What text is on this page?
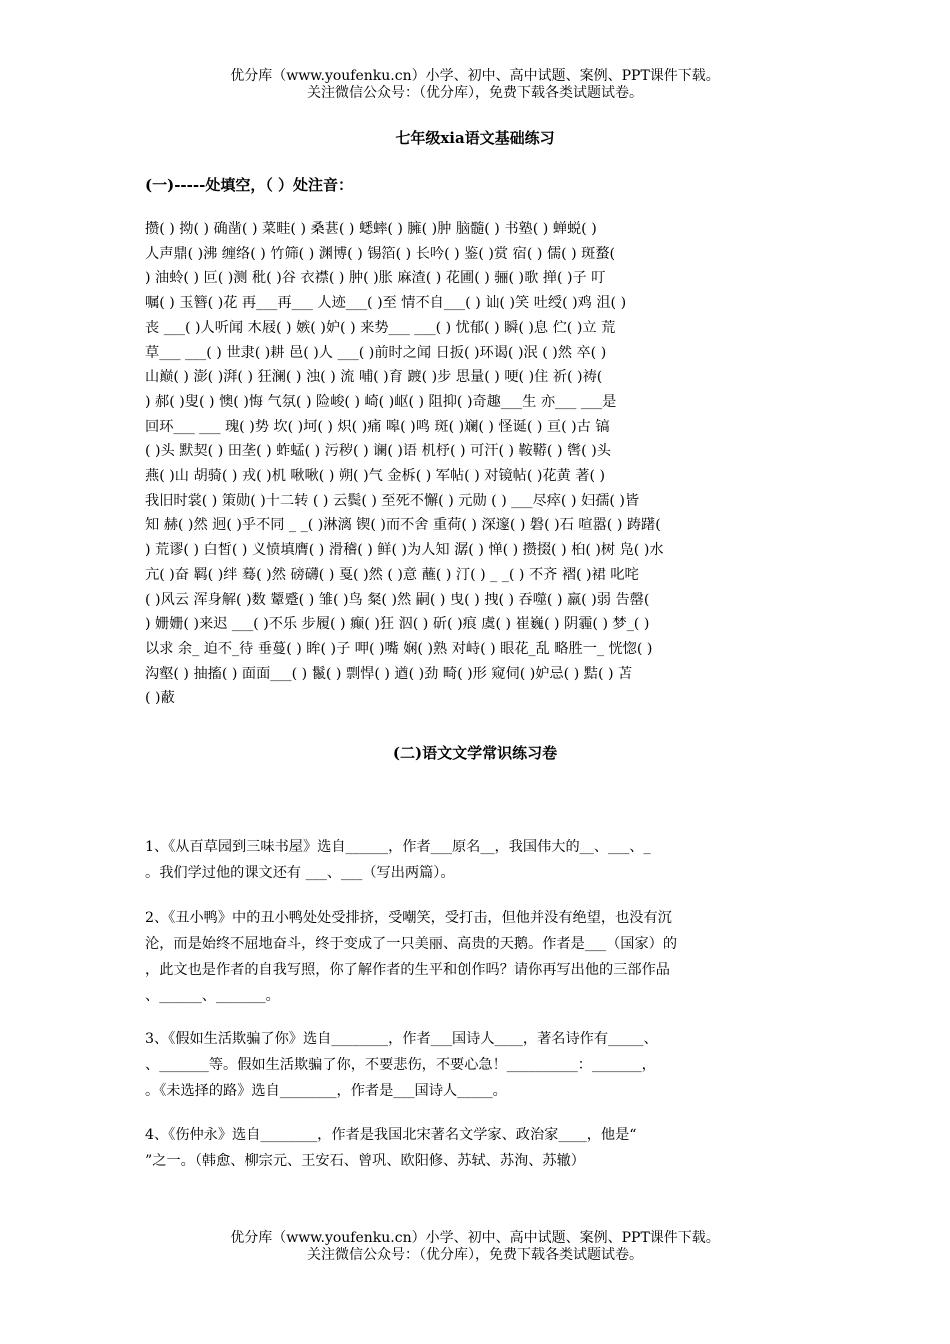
优分库（www.youfenku.cn）小学、初中、高中试题、案例、PPT课件下载。
关注微信公众号：（优分库），免费下载各类试题试卷。
七年级xia语文基础练习
(一)-----处填空，（ ）处注音：
攒( ) 拗( ) 确凿( ) 菜畦( ) 桑葚( ) 蟋蟀( ) 臃( )肿 脑髓( ) 书塾( ) 蝉蜕( )
人声鼎( )沸 缠络( ) 竹筛( ) 渊博( ) 锡箔( ) 长吟( ) 鉴( )赏 宿( ) 儒( ) 斑蝥(
) 油蛉( ) 叵( )测 秕( )谷 衣襟( ) 肿( )胀 麻渣( ) 花圃( ) 骊( )歌 掸( )子 叮
嘱( ) 玉簪( )花 再___再___ 人迹___( )至 情不自___( ) 讪( )笑 吐绶( )鸡 沮( )
丧 ___( )人听闻 木屐( ) 嫉( )妒( ) 来势___ ___( ) 忧郁( ) 瞬( )息 伫( )立 荒
草___ ___( ) 世隶( )耕 邑( )人 ___( )前时之闻 日扳( )环谒( )泯 ( )然 卒( )
山巅( ) 澎( )湃( ) 狂澜( ) 浊( ) 流 哺( )育 踱( )步 思量( ) 哽( )住 祈( )祷(
) 郝( )叟( ) 懊( )悔 气氛( ) 险峻( ) 崎( )岖( ) 阻抑( )奇趣___生 亦___ ___是
回环___ ___ 瑰( )势 坎( )坷( ) 炽( )痛 嗥( )鸣 斑( )斓( ) 怪诞( ) 亘( )古 镐
( )头 默契( ) 田垄( ) 蚱蜢( ) 污秽( ) 谰( )语 机杼( ) 可汗( ) 鞍鞯( ) 辔( )头
燕( )山 胡骑( ) 戎( )机 啾啾( ) 朔( )气 金柝( ) 军帖( ) 对镜帖( )花黄 著( )
我旧时裳( ) 策勋( )十二转 ( ) 云鬓( ) 至死不懈( ) 元勋 ( ) ___尽瘁( ) 妇孺( )皆
知 赫( )然 迥( )乎不同 _ _( )淋漓 锲( )而不舍 重荷( ) 深邃( ) 磐( )石 喧嚣( ) 踌躇(
) 荒谬( ) 白皙( ) 义愤填膺( ) 滑稽( ) 鲜( )为人知 潺( ) 惮( ) 攒掇( ) 桕( )树 凫( )水
亢( )奋 羁( )绊 蓦( )然 磅礴( ) 戛( )然 ( )意 蘸( ) 汀( ) _ _( ) 不齐 褶( )裙 叱咤
( )风云 浑身解( )数 颦蹙( ) 雏( )鸟 粲( )然 嗣( ) 曳( ) 拽( ) 吞噬( ) 羸( )弱 告罄(
) 姗姗( )来迟 ___( )不乐 步履( ) 癫( )狂 泅( ) 斫( )痕 虞( ) 崔巍( ) 阴霾( ) 梦_( )
以求 余_ 迫不_待 垂蔓( ) 眸( )子 呷( )嘴 娴( )熟 对峙( ) 眼花_乱 略胜一_ 恍惚( )
沟壑( ) 抽搐( ) 面面___( ) 鬣( ) 剽悍( ) 遒( )劲 畸( )形 窥伺( )妒忌( ) 黠( ) 苫
( )蔽
(二)语文文学常识练习卷
1、《从百草园到三味书屋》选自______，作者___原名__，我国伟大的__、___、_
。我们学过他的课文还有 ___、___（写出两篇）。
2、《丑小鸭》中的丑小鸭处处受排挤，受嘲笑，受打击，但他并没有绝望，也没有沉
沦，而是始终不屈地奋斗，终于变成了一只美丽、高贵的天鹅。作者是___（国家）的
，此文也是作者的自我写照，你了解作者的生平和创作吗？请你再写出他的三部作品
、______、_______。
3、《假如生活欺骗了你》选自________，作者___国诗人____，著名诗作有_____、
、_______等。假如生活欺骗了你，不要悲伤，不要心急！__________：_______，
。《未选择的路》选自________，作者是___国诗人_____。
4、《伤仲永》选自________，作者是我国北宋著名文学家、政治家____，他是“
”之一。（韩愈、柳宗元、王安石、曾巩、欧阳修、苏轼、苏洵、苏辙）
优分库（www.youfenku.cn）小学、初中、高中试题、案例、PPT课件下载。
关注微信公众号：（优分库），免费下载各类试题试卷。
